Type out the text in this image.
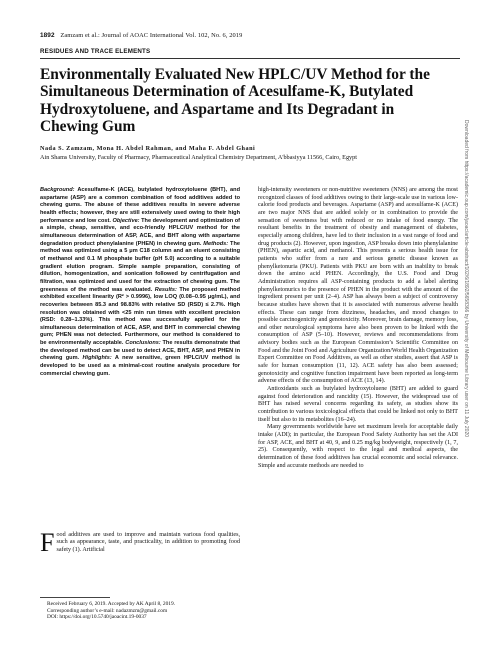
1892 Zamzam et al.: Journal of AOAC International Vol. 102, No. 6, 2019
RESIDUES AND TRACE ELEMENTS
Environmentally Evaluated New HPLC/UV Method for the Simultaneous Determination of Acesulfame-K, Butylated Hydroxytoluene, and Aspartame and Its Degradant in Chewing Gum
Nada S. Zamzam, Mona H. Abdel Rahman, and Maha F. Abdel Ghani
Ain Shams University, Faculty of Pharmacy, Pharmaceutical Analytical Chemistry Department, A'bbasiyya 11566, Cairo, Egypt

Background: Acesulfame-K (ACE), butylated hydroxytoluene (BHT), and aspartame (ASP) are a common combination of food additives added to chewing gums. The abuse of these additives results in severe adverse health effects; however, they are still extensively used owing to their high performance and low cost. Objective: The development and optimization of a simple, cheap, sensitive, and eco-friendly HPLC/UV method for the simultaneous determination of ASP, ACE, and BHT along with aspartame degradation product phenylalanine (PHEN) in chewing gum. Methods: The method was optimized using a 5 μm C18 column and an eluent consisting of methanol and 0.1 M phosphate buffer (pH 5.0) according to a suitable gradient elution program. Simple sample preparation, consisting of dilution, homogenization, and sonication followed by centrifugation and filtration, was optimized and used for the extraction of chewing gum. The greenness of the method was evaluated. Results: The proposed method exhibited excellent linearity (R² > 0.9996), low LOQ (0.08–0.95 μg/mL), and recoveries between 85.3 and 98.83% with relative SD (RSD) ≤ 2.7%. High resolution was obtained with <25 min run times with excellent precision (RSD: 0.28–1.33%). This method was successfully applied for the simultaneous determination of ACE, ASP, and BHT in commercial chewing gum; PHEN was not detected. Furthermore, our method is considered to be environmentally acceptable. Conclusions: The results demonstrate that the developed method can be used to detect ACE, BHT, ASP, and PHEN in chewing gum. Highlights: A new sensitive, green HPLC/UV method is developed to be used as a minimal-cost routine analysis procedure for commercial chewing gum.

Food additives are used to improve and maintain various food qualities, such as appearance, taste, and practicality, in addition to promoting food safety (1). Artificial

Received February 6, 2019. Accepted by AK April 8, 2019.
Corresponding author’s e-mail: nadazmzm@gmail.com
DOI: https://doi.org/10.5740/jaoacint.19-0037

high-intensity sweeteners or non-nutritive sweeteners (NNS) are among the most recognized classes of food additives owing to their large-scale use in various low-calorie food products and beverages. Aspartame (ASP) and acesulfame-K (ACE) are two major NNS that are added solely or in combination to provide the sensation of sweetness but with reduced or no intake of food energy. The resultant benefits in the treatment of obesity and management of diabetes, especially among children, have led to their inclusion in a vast range of food and drug products (2). However, upon ingestion, ASP breaks down into phenylalanine (PHEN), aspartic acid, and methanol. This presents a serious health issue for patients who suffer from a rare and serious genetic disease known as phenylketonuria (PKU). Patients with PKU are born with an inability to break down the amino acid PHEN. Accordingly, the U.S. Food and Drug Administration requires all ASP-containing products to add a label alerting phenylketonurics to the presence of PHEN in the product with the amount of the ingredient present per unit (2–4). ASP has always been a subject of controversy because studies have shown that it is associated with numerous adverse health effects. These can range from dizziness, headaches, and mood changes to possible carcinogenicity and genotoxicity. Moreover, brain damage, memory loss, and other neurological symptoms have also been proven to be linked with the consumption of ASP (5–10). However, reviews and recommendations from advisory bodies such as the European Commission’s Scientific Committee on Food and the Joint Food and Agriculture Organization/World Health Organization Expert Committee on Food Additives, as well as other studies, assert that ASP is safe for human consumption (11, 12). ACE safety has also been assessed; genotoxicity and cognitive function impairment have been reported as long-term adverse effects of the consumption of ACE (13, 14).

Antioxidants such as butylated hydroxytoluene (BHT) are added to guard against food deterioration and rancidity (15). However, the widespread use of BHT has raised several concerns regarding its safety, as studies show its contribution to various toxicological effects that could be linked not only to BHT itself but also to its metabolites (16–24).

Many governments worldwide have set maximum levels for acceptable daily intake (ADI); in particular, the European Food Safety Authority has set the ADI for ASP, ACE, and BHT at 40, 9, and 0.25 mg/kg bodyweight, respectively (1, 7, 25). Consequently, with respect to the legal and medical aspects, the determination of these food additives has crucial economic and social relevance. Simple and accurate methods are needed to

Downloaded from https://academic.oup.com/jaoac/article-abstract/102/6/1892/5658366 by University of Melbourne Library user on 11 July 2020
